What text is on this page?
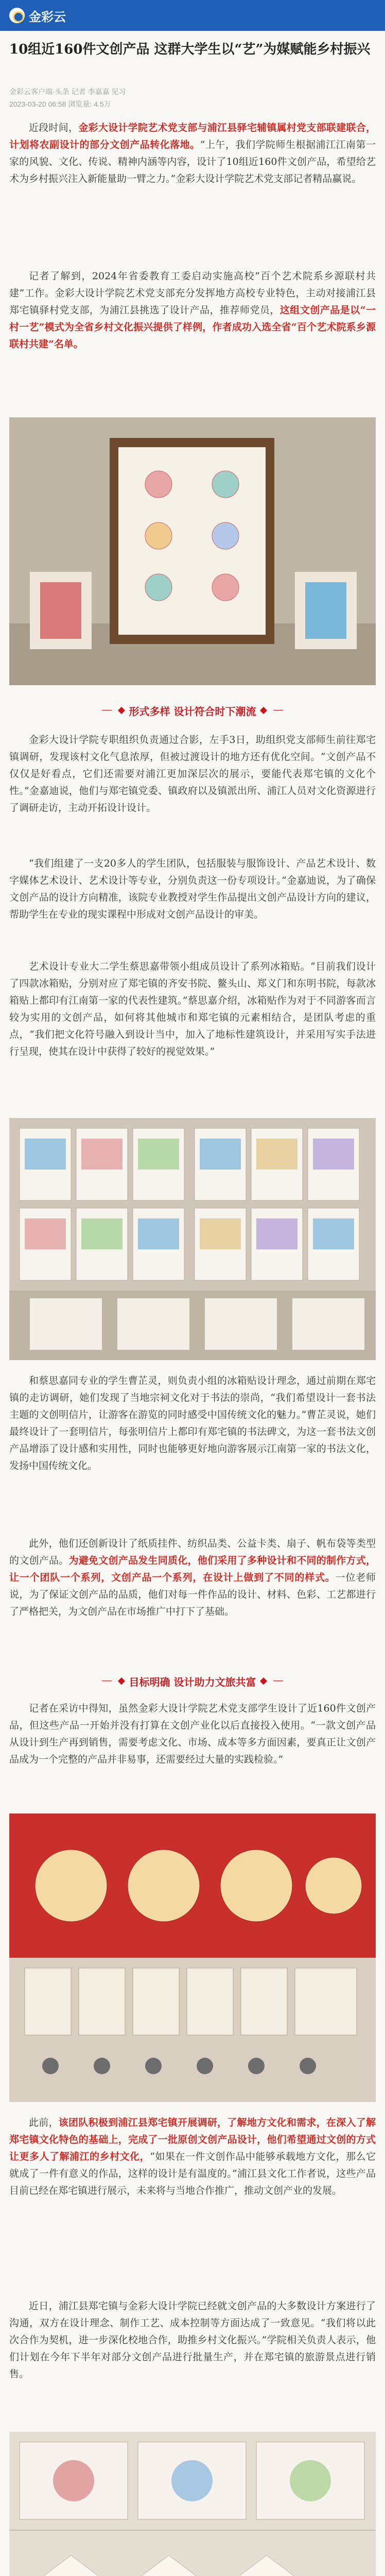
金彩云
10组近160件文创产品 这群大学生以“艺”为媒赋能乡村振兴
金彩云客户端·头条 记者 李嘉嘉 见习
2023-03-20 06:58 浏览量: 4.5万

近段时间，金彩大设计学院艺术党支部与浦江县驿宅辅镇属村党支部联建联合，计划将农副设计的部分文创产品转化落地。“上午，我们学院师生根据浦江江南第一家的风貌、文化、传说、精神内涵等内容，设计了10组近160件文创产品，希望给艺术为乡村振兴注入新能量助一臂之力。”金彩大设计学院艺术党支部记者精品赢说。

记者了解到，2024年省委教育工委启动实施高校“百个艺术院系乡源联村共建”工作。金彩大设计学院艺术党支部充分发挥地方高校专业特色，主动对接浦江县郑宅镇驿村党支部，为浦江县挑选了设计产品，推荐师党员，这组文创产品是以“一村一艺”模式为全省乡村文化振兴提供了样例，作者成功入选全省“百个艺术院系乡源联村共建”名单。

形式多样 设计符合时下潮流

金彩大设计学院专职组织负责通过合影，左手3日，助组织党支部师生前往郑宅镇调研，发现该村文化气息浓厚，但被过渡设计的地方还有优化空间。“文创产品不仅仅是好看点，它们还需要对浦江更加深层次的展示，要能代表郑宅镇的文化个性。”金嘉迪说，他们与郑宅镇党委、镇政府以及镇派出所、浦江人员对文化资源进行了调研走访，主动开拓设计设计。

“我们组建了一支20多人的学生团队，包括服装与服饰设计、产品艺术设计、数字媒体艺术设计、艺术设计等专业，分别负责这一份专项设计。”金嘉迪说，为了确保文创产品的设计方向精准，该院专业教授对学生作品提出文创产品设计方向的建议，帮助学生在专业的现实课程中形成对文创产品设计的审美。

艺术设计专业大二学生蔡思嘉带领小组成员设计了系列冰箱贴。“目前我们设计了四款冰箱贴，分别对应了郑宅镇的齐安书院、鳌头山、郑义门和东明书院，每款冰箱贴上都印有江南第一家的代表性建筑。”蔡思嘉介绍，冰箱贴作为对于不同游客而言较为实用的文创产品，如何将其他城市和郑宅镇的元素相结合，是团队考虑的重点，“我们把文化符号融入到设计当中，加入了地标性建筑设计，并采用写实手法进行呈现，使其在设计中获得了较好的视觉效果。”

和蔡思嘉同专业的学生曹芷灵，则负责小组的冰箱贴设计理念，通过前期在郑宅镇的走访调研，她们发现了当地宗祠文化对于书法的崇尚，“我们希望设计一套书法主题的文创明信片，让游客在游览的同时感受中国传统文化的魅力。”曹芷灵说，她们最终设计了一套明信片，每张明信片上都印有郑宅镇的书法碑文，为这一套书法文创产品增添了设计感和实用性，同时也能够更好地向游客展示江南第一家的书法文化，发扬中国传统文化。

此外，他们还创新设计了纸质挂件、纺织品类、公益卡类、扇子、帆布袋等类型的文创产品。为避免文创产品发生同质化，他们采用了多种设计和不同的制作方式，让一个团队一个系列，文创产品一个系列，在设计上做到了不同的样式。一位老师说，为了保证文创产品的品质，他们对每一件作品的设计、材料、色彩、工艺都进行了严格把关，为文创产品在市场推广中打下了基础。

目标明确 设计助力文旅共富

记者在采访中得知，虽然金彩大设计学院艺术党支部学生设计了近160件文创产品，但这些产品一开始并没有打算在文创产业化以后直接投入使用。“一款文创产品从设计到生产再到销售，需要考虑文化、市场、成本等多方面因素，要真正让文创产品成为一个完整的产品并非易事，还需要经过大量的实践检验。”

此前，该团队积极到浦江县郑宅镇开展调研，了解地方文化和需求，在深入了解郑宅镇文化特色的基础上，完成了一批原创文创产品设计，他们希望通过文创的方式让更多人了解浦江的乡村文化，“如果在一件文创作品中能够承载地方文化，那么它就成了一件有意义的作品，这样的设计是有温度的。”浦江县文化工作者说，这些产品目前已经在郑宅镇进行展示，未来将与当地合作推广，推动文创产业的发展。

近日，浦江县郑宅镇与金彩大设计学院已经就文创产品的大多数设计方案进行了沟通，双方在设计理念、制作工艺、成本控制等方面达成了一致意见。“我们将以此次合作为契机，进一步深化校地合作，助推乡村文化振兴。”学院相关负责人表示，他们计划在今年下半年对部分文创产品进行批量生产，并在郑宅镇的旅游景点进行销售。
